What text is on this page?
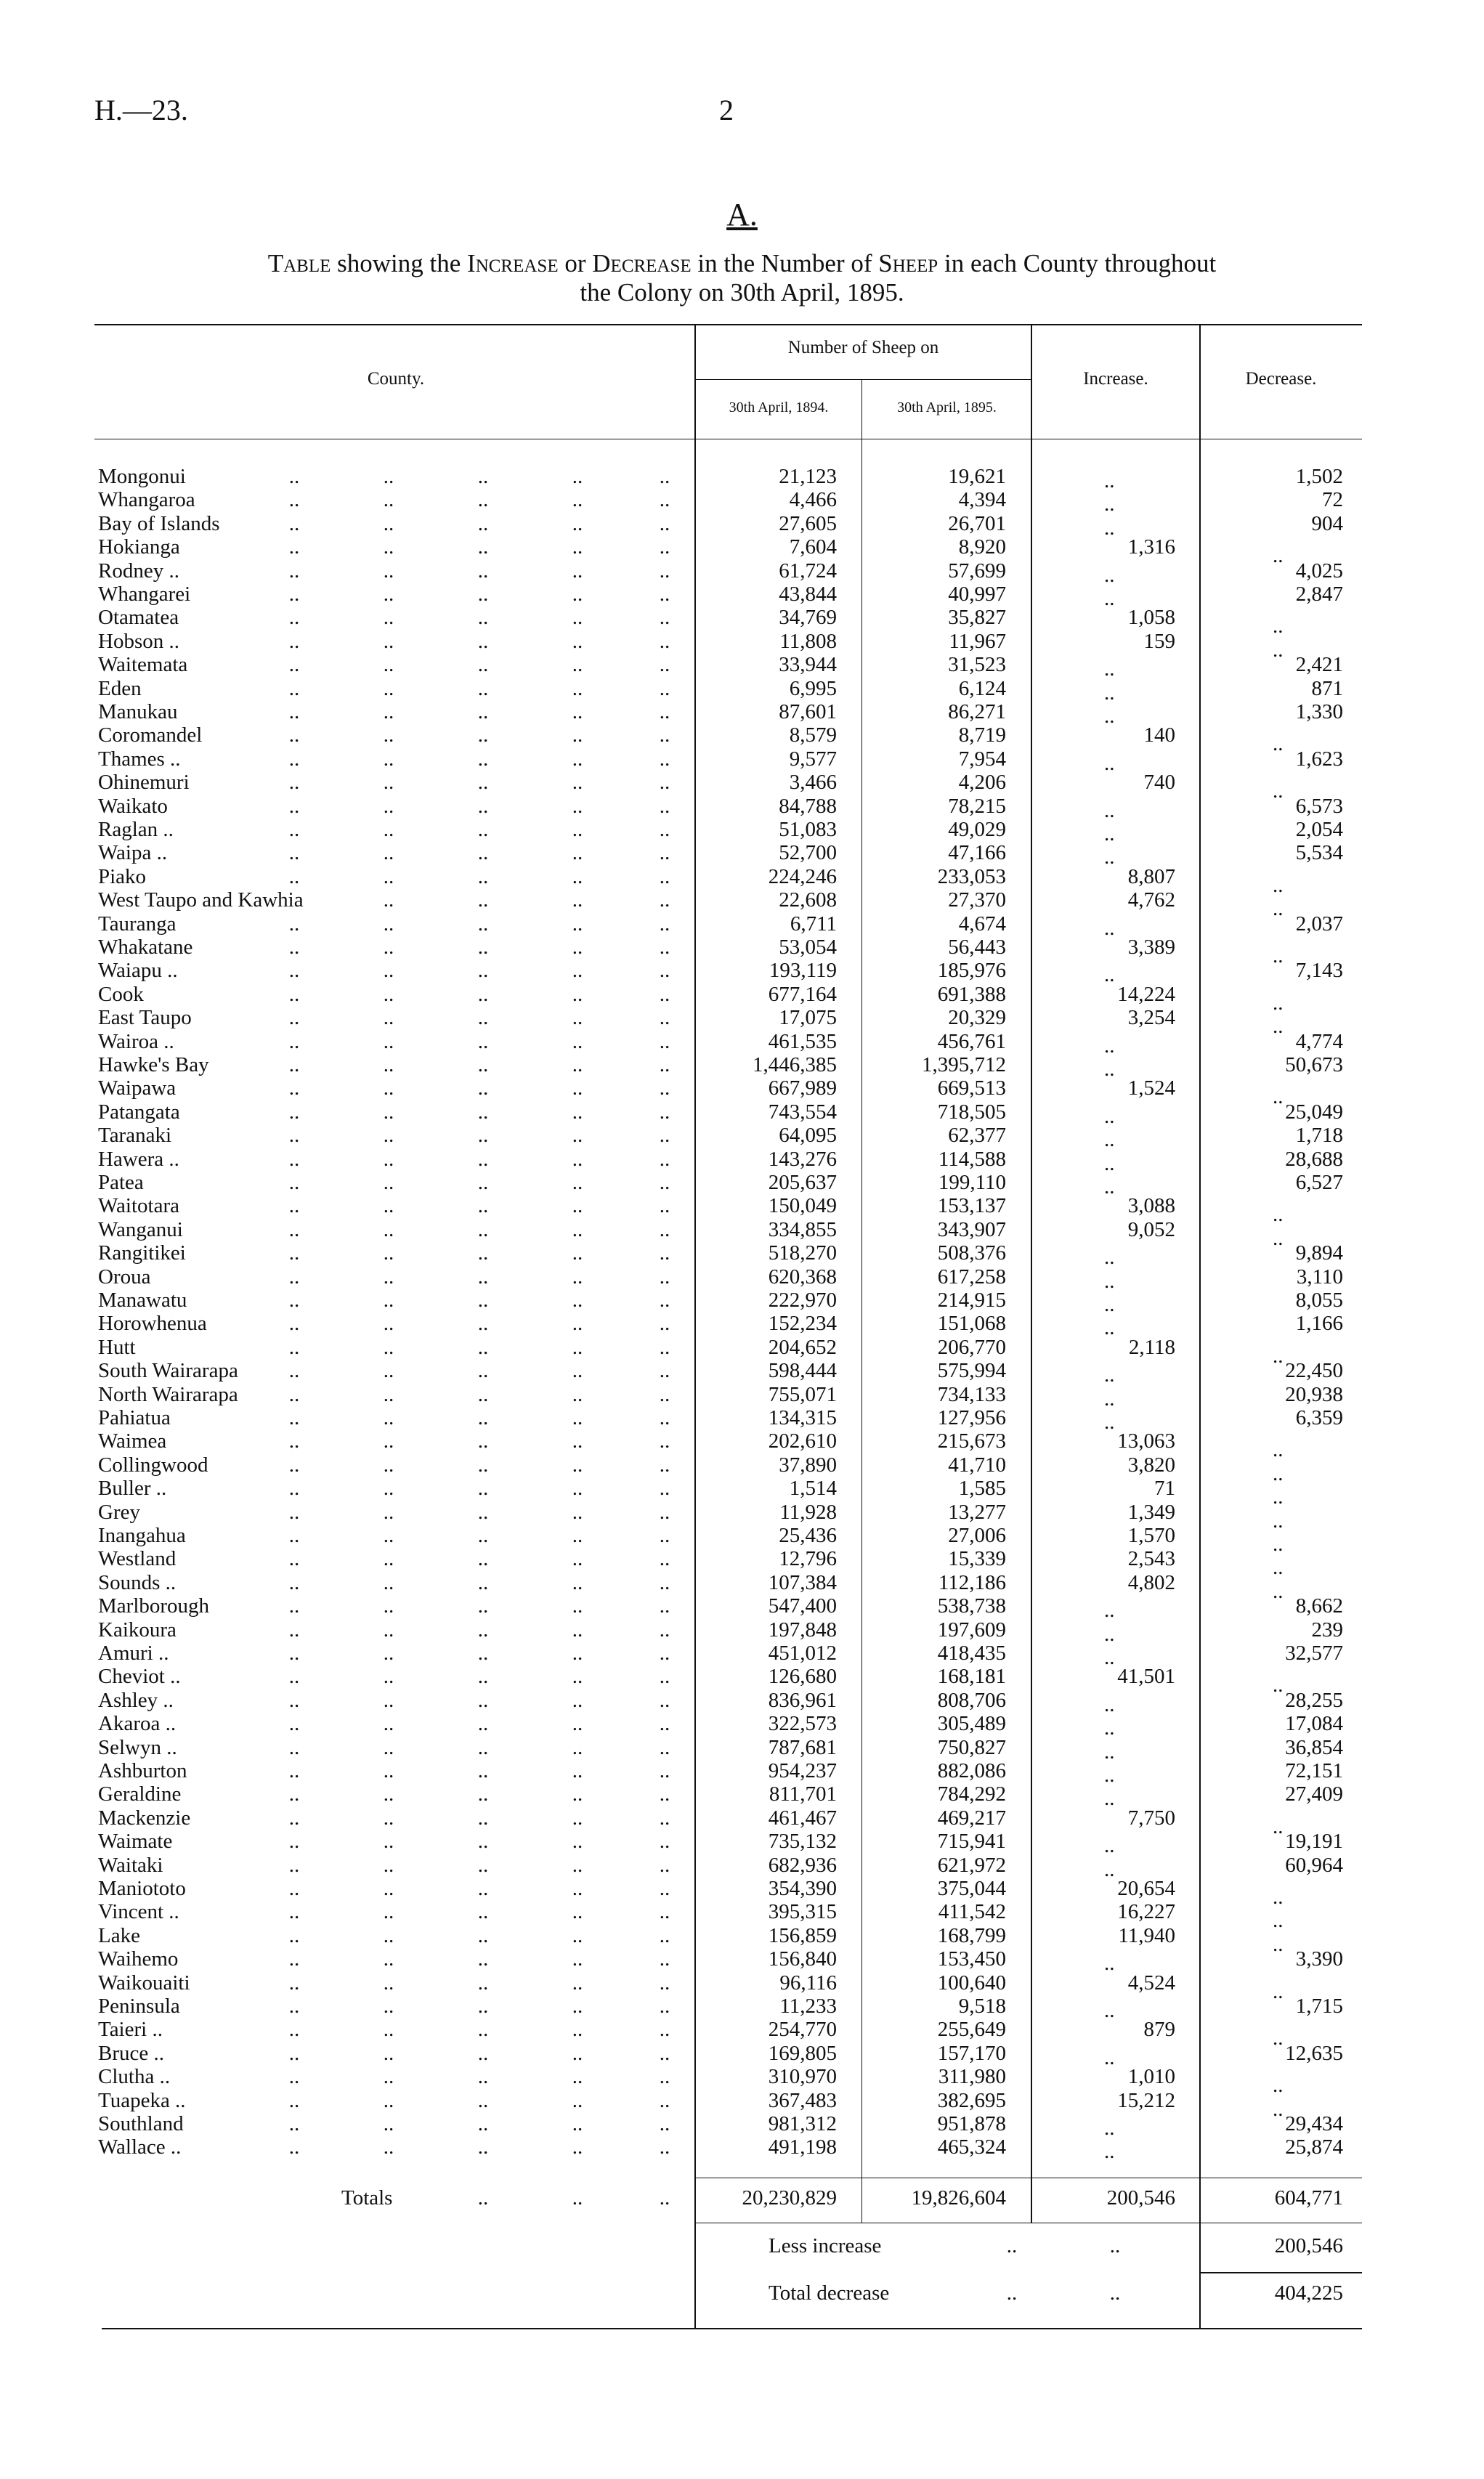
H.—23.	2
A.
Table showing the Increase or Decrease in the Number of Sheep in each County throughout
the Colony on 30th April, 1895.
County.
Number of Sheep on
30th April, 1894.	30th April, 1895.
Increase.	Decrease.
Mongonui	..	..	..	..	..	21,123	19,621	..	1,502
Whangaroa	..	..	..	..	..	4,466	4,394	..	72
Bay of Islands	..	..	..	..	..	27,605	26,701	..	904
Hokianga	..	..	..	..	..	7,604	8,920	1,316	..
Rodney ..	..	..	..	..	..	61,724	57,699	..	4,025
Whangarei	..	..	..	..	..	43,844	40,997	..	2,847
Otamatea	..	..	..	..	..	34,769	35,827	1,058	..
Hobson ..	..	..	..	..	..	11,808	11,967	159	..
Waitemata	..	..	..	..	..	33,944	31,523	..	2,421
Eden	..	..	..	..	..	6,995	6,124	..	871
Manukau	..	..	..	..	..	87,601	86,271	..	1,330
Coromandel	..	..	..	..	..	8,579	8,719	140	..
Thames ..	..	..	..	..	..	9,577	7,954	..	1,623
Ohinemuri	..	..	..	..	..	3,466	4,206	740	..
Waikato	..	..	..	..	..	84,788	78,215	..	6,573
Raglan ..	..	..	..	..	..	51,083	49,029	..	2,054
Waipa ..	..	..	..	..	..	52,700	47,166	..	5,534
Piako	..	..	..	..	..	224,246	233,053	8,807	..
West Taupo and Kawhia	..	..	..	..	22,608	27,370	4,762	..
Tauranga	..	..	..	..	..	6,711	4,674	..	2,037
Whakatane	..	..	..	..	..	53,054	56,443	3,389	..
Waiapu ..	..	..	..	..	..	193,119	185,976	..	7,143
Cook	..	..	..	..	..	677,164	691,388	14,224	..
East Taupo	..	..	..	..	..	17,075	20,329	3,254	..
Wairoa ..	..	..	..	..	..	461,535	456,761	..	4,774
Hawke's Bay	..	..	..	..	..	1,446,385	1,395,712	..	50,673
Waipawa	..	..	..	..	..	667,989	669,513	1,524	..
Patangata	..	..	..	..	..	743,554	718,505	..	25,049
Taranaki	..	..	..	..	..	64,095	62,377	..	1,718
Hawera ..	..	..	..	..	..	143,276	114,588	..	28,688
Patea	..	..	..	..	..	205,637	199,110	..	6,527
Waitotara	..	..	..	..	..	150,049	153,137	3,088	..
Wanganui	..	..	..	..	..	334,855	343,907	9,052	..
Rangitikei	..	..	..	..	..	518,270	508,376	..	9,894
Oroua	..	..	..	..	..	620,368	617,258	..	3,110
Manawatu	..	..	..	..	..	222,970	214,915	..	8,055
Horowhenua	..	..	..	..	..	152,234	151,068	..	1,166
Hutt	..	..	..	..	..	204,652	206,770	2,118	..
South Wairarapa ..	..	..	..	..	598,444	575,994	..	22,450
North Wairarapa ..	..	..	..	..	755,071	734,133	..	20,938
Pahiatua	..	..	..	..	..	134,315	127,956	..	6,359
Waimea	..	..	..	..	..	202,610	215,673	13,063	..
Collingwood	..	..	..	..	..	37,890	41,710	3,820	..
Buller ..	..	..	..	..	..	1,514	1,585	71	..
Grey	..	..	..	..	..	11,928	13,277	1,349	..
Inangahua	..	..	..	..	..	25,436	27,006	1,570	..
Westland	..	..	..	..	..	12,796	15,339	2,543	..
Sounds ..	..	..	..	..	..	107,384	112,186	4,802	..
Marlborough	..	..	..	..	..	547,400	538,738	..	8,662
Kaikoura	..	..	..	..	..	197,848	197,609	..	239
Amuri ..	..	..	..	..	..	451,012	418,435	..	32,577
Cheviot ..	..	..	..	..	..	126,680	168,181	41,501	..
Ashley ..	..	..	..	..	..	836,961	808,706	..	28,255
Akaroa ..	..	..	..	..	..	322,573	305,489	..	17,084
Selwyn ..	..	..	..	..	..	787,681	750,827	..	36,854
Ashburton	..	..	..	..	..	954,237	882,086	..	72,151
Geraldine	..	..	..	..	..	811,701	784,292	..	27,409
Mackenzie	..	..	..	..	..	461,467	469,217	7,750	..
Waimate	..	..	..	..	..	735,132	715,941	..	19,191
Waitaki	..	..	..	..	..	682,936	621,972	..	60,964
Maniototo	..	..	..	..	..	354,390	375,044	20,654	..
Vincent ..	..	..	..	..	..	395,315	411,542	16,227	..
Lake	..	..	..	..	..	156,859	168,799	11,940	..
Waihemo	..	..	..	..	..	156,840	153,450	..	3,390
Waikouaiti	..	..	..	..	..	96,116	100,640	4,524	..
Peninsula	..	..	..	..	..	11,233	9,518	..	1,715
Taieri ..	..	..	..	..	..	254,770	255,649	879	..
Bruce ..	..	..	..	..	..	169,805	157,170	..	12,635
Clutha ..	..	..	..	..	..	310,970	311,980	1,010	..
Tuapeka ..	..	..	..	..	..	367,483	382,695	15,212	..
Southland	..	..	..	..	..	981,312	951,878	..	29,434
Wallace ..	..	..	..	..	..	491,198	465,324	..	25,874
Totals	..	..	..	20,230,829	19,826,604	200,546	604,771
Less increase	..	..	200,546
Total decrease	..	..	404,225
